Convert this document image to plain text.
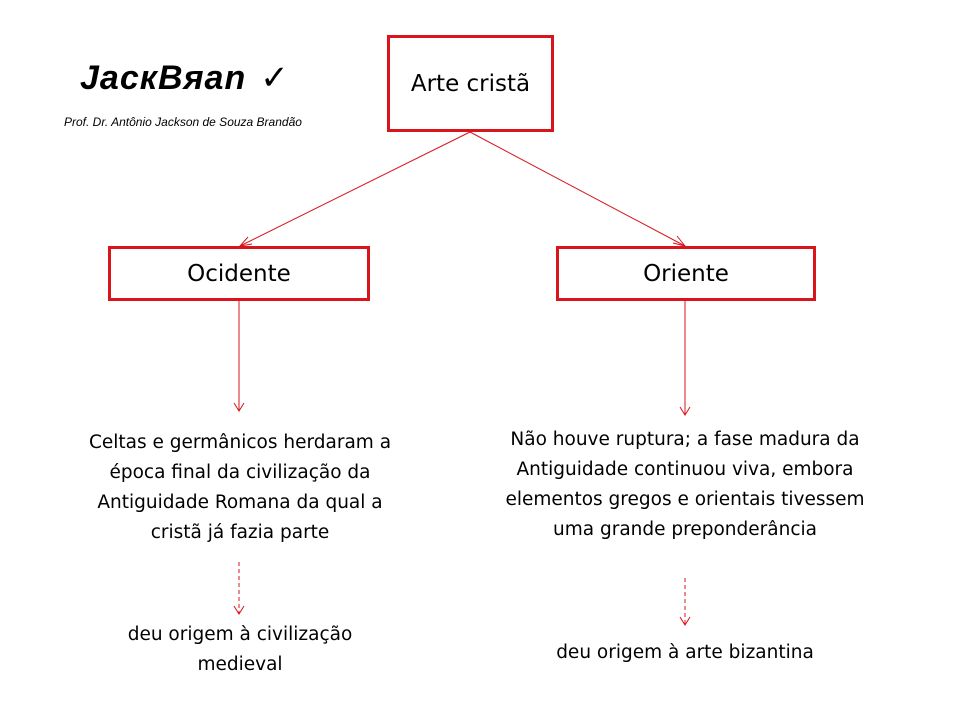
JacкBяan ✓
Prof. Dr. Antônio Jackson de Souza Brandão
Arte cristã
Ocidente	Oriente
Celtas e germânicos herdaram a época final da civilização da Antiguidade Romana da qual a cristã já fazia parte
Não houve ruptura; a fase madura da Antiguidade continuou viva, embora elementos gregos e orientais tivessem uma grande preponderância
deu origem à civilização medieval
deu origem à arte bizantina
